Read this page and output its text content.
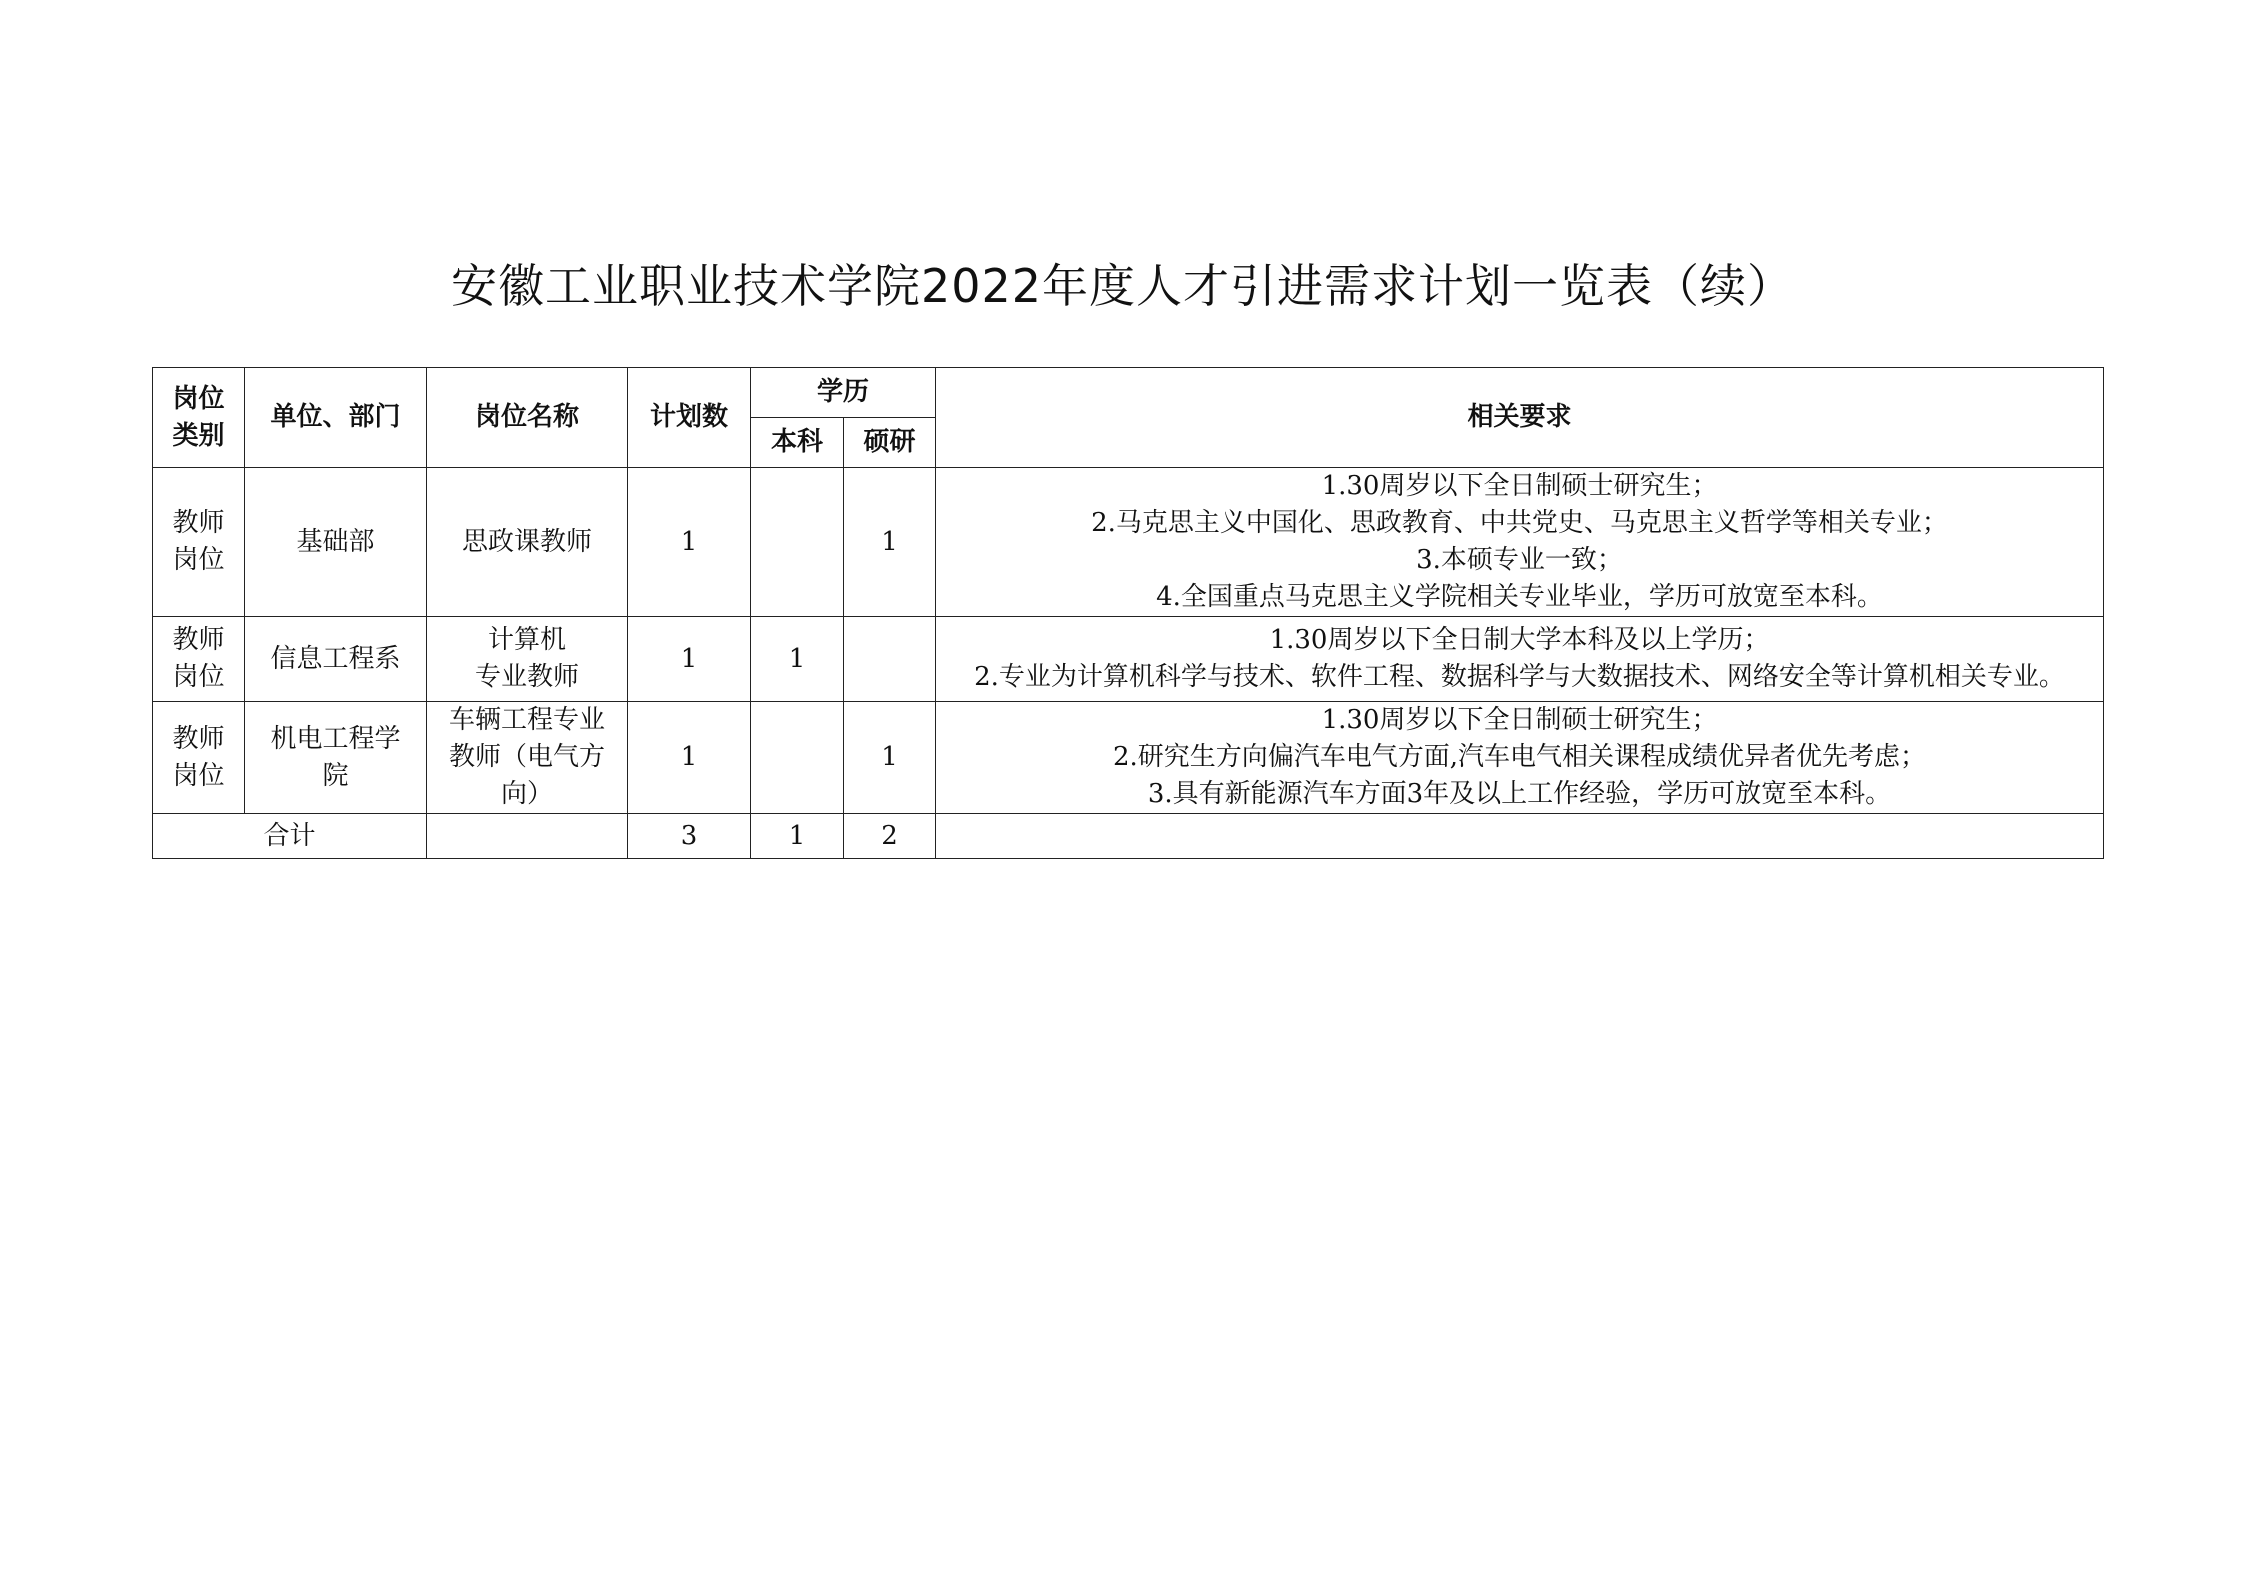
安徽工业职业技术学院2022年度人才引进需求计划一览表（续）
岗位
类别	单位、部门	岗位名称	计划数	学历		相关要求
				本科	硕研	

教师
岗位	基础部	思政课教师	1		1	1.30周岁以下全日制硕士研究生；
2.马克思主义中国化、思政教育、中共党史、马克思主义哲学等相关专业；
3.本硕专业一致；
4.全国重点马克思主义学院相关专业毕业，学历可放宽至本科。

教师
岗位	信息工程系	计算机
专业教师	1	1		1.30周岁以下全日制大学本科及以上学历；
2.专业为计算机科学与技术、软件工程、数据科学与大数据技术、网络安全等计算机相关专业。

教师
岗位	机电工程学
院	车辆工程专业
教师（电气方
向）	1		1	1.30周岁以下全日制硕士研究生；
2.研究生方向偏汽车电气方面,汽车电气相关课程成绩优异者优先考虑；
3.具有新能源汽车方面3年及以上工作经验，学历可放宽至本科。

合计			3	1	2	
